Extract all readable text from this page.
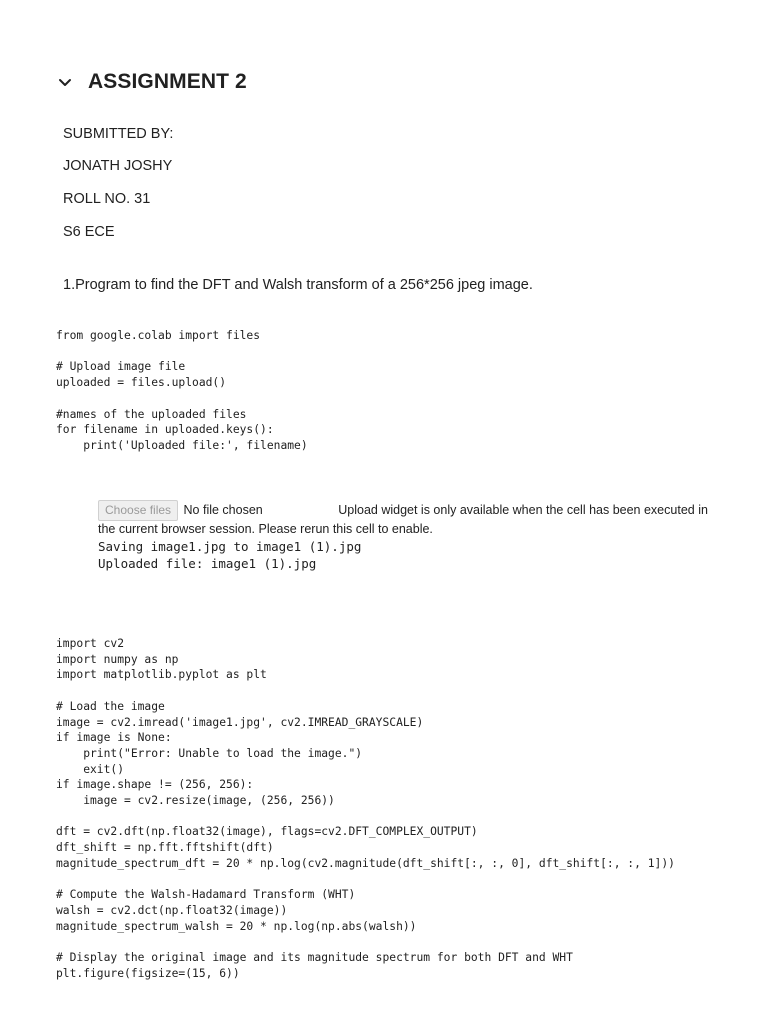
ASSIGNMENT 2
SUBMITTED BY:
JONATH JOSHY
ROLL NO. 31
S6 ECE
1.Program to find the DFT and Walsh transform of a 256*256 jpeg image.
from google.colab import files

# Upload image file
uploaded = files.upload()

#names of the uploaded files
for filename in uploaded.keys():
print('Uploaded file:', filename)
Choose files No file chosen	Upload widget is only available when the cell has been executed in the current browser session. Please rerun this cell to enable.
Saving image1.jpg to image1 (1).jpg
Uploaded file: image1 (1).jpg
import cv2
import numpy as np
import matplotlib.pyplot as plt

# Load the image
image = cv2.imread('image1.jpg', cv2.IMREAD_GRAYSCALE)
if image is None:
print("Error: Unable to load the image.")
exit()
if image.shape != (256, 256):
image = cv2.resize(image, (256, 256))

dft = cv2.dft(np.float32(image), flags=cv2.DFT_COMPLEX_OUTPUT)
dft_shift = np.fft.fftshift(dft)
magnitude_spectrum_dft = 20 * np.log(cv2.magnitude(dft_shift[:, :, 0], dft_shift[:, :, 1]))

# Compute the Walsh-Hadamard Transform (WHT)
walsh = cv2.dct(np.float32(image))
magnitude_spectrum_walsh = 20 * np.log(np.abs(walsh))

# Display the original image and its magnitude spectrum for both DFT and WHT
plt.figure(figsize=(15, 6))
